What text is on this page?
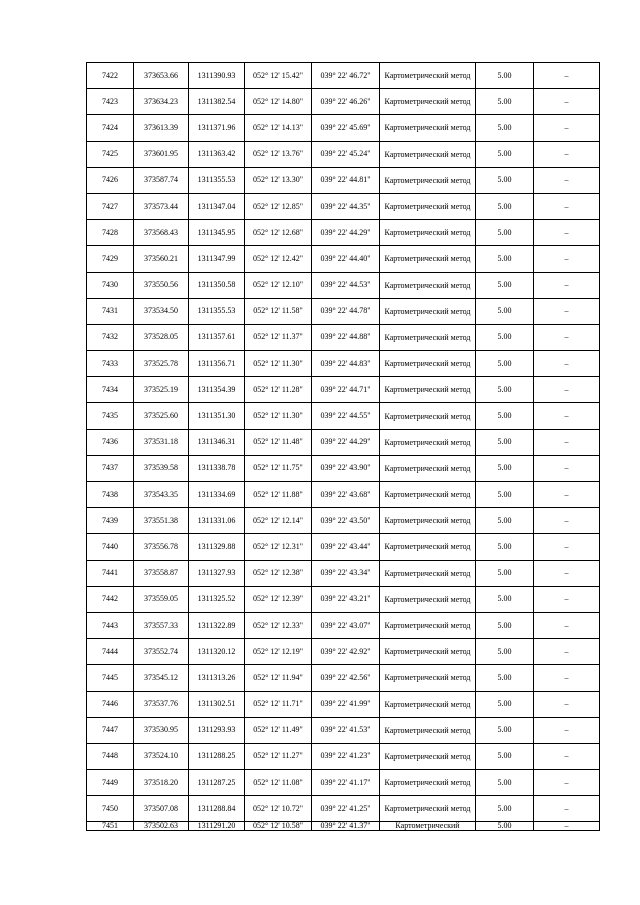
7422	373653.66	1311390.93	052° 12' 15.42"	039° 22' 46.72"	Картометрический метод	5.00	–
7423	373634.23	1311382.54	052° 12' 14.80"	039° 22' 46.26"	Картометрический метод	5.00	–
7424	373613.39	1311371.96	052° 12' 14.13"	039° 22' 45.69"	Картометрический метод	5.00	–
7425	373601.95	1311363.42	052° 12' 13.76"	039° 22' 45.24"	Картометрический метод	5.00	–
7426	373587.74	1311355.53	052° 12' 13.30"	039° 22' 44.81"	Картометрический метод	5.00	–
7427	373573.44	1311347.04	052° 12' 12.85"	039° 22' 44.35"	Картометрический метод	5.00	–
7428	373568.43	1311345.95	052° 12' 12.68"	039° 22' 44.29"	Картометрический метод	5.00	–
7429	373560.21	1311347.99	052° 12' 12.42"	039° 22' 44.40"	Картометрический метод	5.00	–
7430	373550.56	1311350.58	052° 12' 12.10"	039° 22' 44.53"	Картометрический метод	5.00	–
7431	373534.50	1311355.53	052° 12' 11.58"	039° 22' 44.78"	Картометрический метод	5.00	–
7432	373528.05	1311357.61	052° 12' 11.37"	039° 22' 44.88"	Картометрический метод	5.00	–
7433	373525.78	1311356.71	052° 12' 11.30"	039° 22' 44.83"	Картометрический метод	5.00	–
7434	373525.19	1311354.39	052° 12' 11.28"	039° 22' 44.71"	Картометрический метод	5.00	–
7435	373525.60	1311351.30	052° 12' 11.30"	039° 22' 44.55"	Картометрический метод	5.00	–
7436	373531.18	1311346.31	052° 12' 11.48"	039° 22' 44.29"	Картометрический метод	5.00	–
7437	373539.58	1311338.78	052° 12' 11.75"	039° 22' 43.90"	Картометрический метод	5.00	–
7438	373543.35	1311334.69	052° 12' 11.88"	039° 22' 43.68"	Картометрический метод	5.00	–
7439	373551.38	1311331.06	052° 12' 12.14"	039° 22' 43.50"	Картометрический метод	5.00	–
7440	373556.78	1311329.88	052° 12' 12.31"	039° 22' 43.44"	Картометрический метод	5.00	–
7441	373558.87	1311327.93	052° 12' 12.38"	039° 22' 43.34"	Картометрический метод	5.00	–
7442	373559.05	1311325.52	052° 12' 12.39"	039° 22' 43.21"	Картометрический метод	5.00	–
7443	373557.33	1311322.89	052° 12' 12.33"	039° 22' 43.07"	Картометрический метод	5.00	–
7444	373552.74	1311320.12	052° 12' 12.19"	039° 22' 42.92"	Картометрический метод	5.00	–
7445	373545.12	1311313.26	052° 12' 11.94"	039° 22' 42.56"	Картометрический метод	5.00	–
7446	373537.76	1311302.51	052° 12' 11.71"	039° 22' 41.99"	Картометрический метод	5.00	–
7447	373530.95	1311293.93	052° 12' 11.49"	039° 22' 41.53"	Картометрический метод	5.00	–
7448	373524.10	1311288.25	052° 12' 11.27"	039° 22' 41.23"	Картометрический метод	5.00	–
7449	373518.20	1311287.25	052° 12' 11.08"	039° 22' 41.17"	Картометрический метод	5.00	–
7450	373507.08	1311288.84	052° 12' 10.72"	039° 22' 41.25"	Картометрический метод	5.00	–
7451	373502.63	1311291.20	052° 12' 10.58"	039° 22' 41.37"	Картометрический	5.00	–
